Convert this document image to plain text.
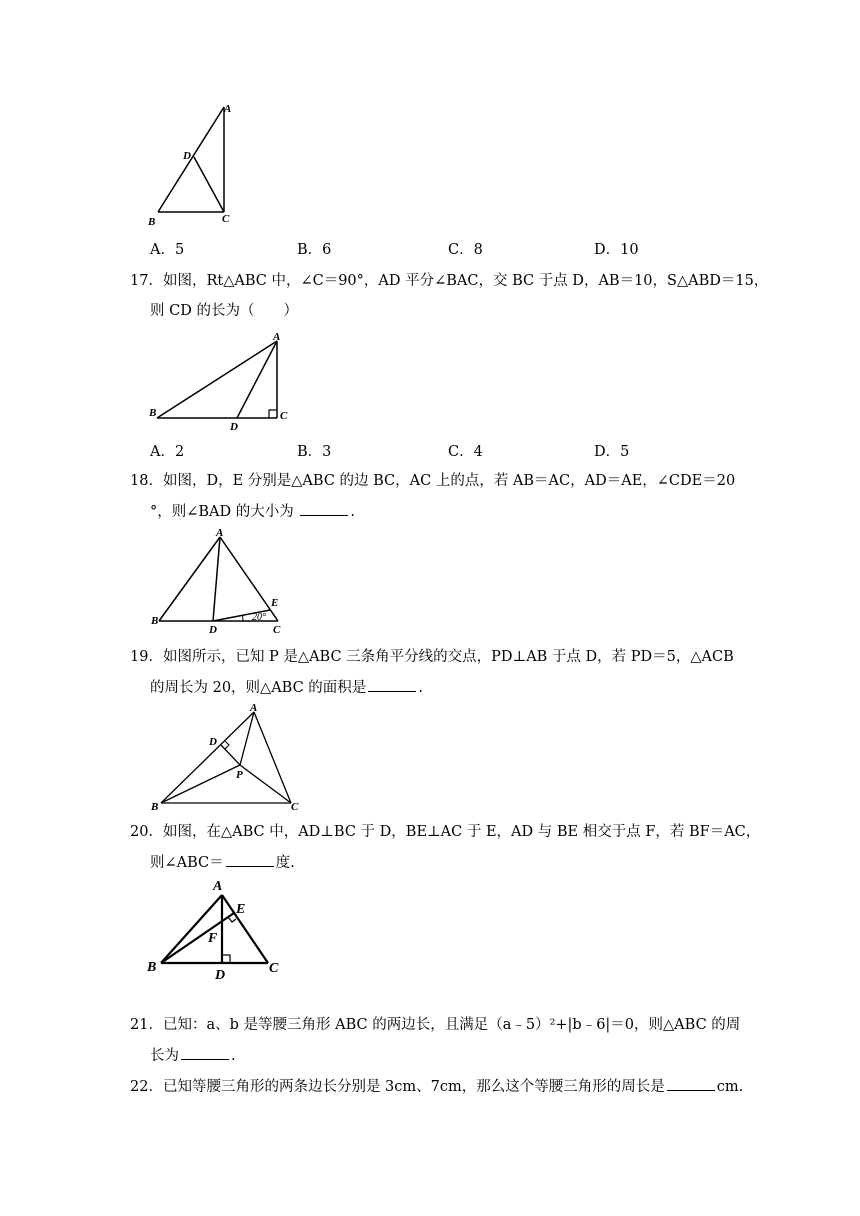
A
D
B	C
A．5	B．6	C．8	D．10
17．如图，Rt△ABC 中，∠C＝90°，AD 平分∠BAC，交 BC 于点 D，AB＝10，S△ABD＝15，
则 CD 的长为（　　）
A
B	C
D
A．2	B．3	C．4	D．5
18．如图，D，E 分别是△ABC 的边 BC，AC 上的点，若 AB＝AC，AD＝AE，∠CDE＝20
°，则∠BAD 的大小为	.
20°
A
B
C
D
E
19．如图所示，已知 P 是△ABC 三条角平分线的交点，PD⊥AB 于点 D，若 PD＝5，△ACB
的周长为 20，则△ABC 的面积是	.
A
D
P
B	C
20．如图，在△ABC 中，AD⊥BC 于 D，BE⊥AC 于 E，AD 与 BE 相交于点 F，若 BF＝AC，
则∠ABC＝	度.
A
E
F
B
D	C
21．已知：a、b 是等腰三角形 ABC 的两边长，且满足（a﹣5）²+|b﹣6|＝0，则△ABC 的周
长为	.
22．已知等腰三角形的两条边长分别是 3cm、7cm，那么这个等腰三角形的周长是	cm.
